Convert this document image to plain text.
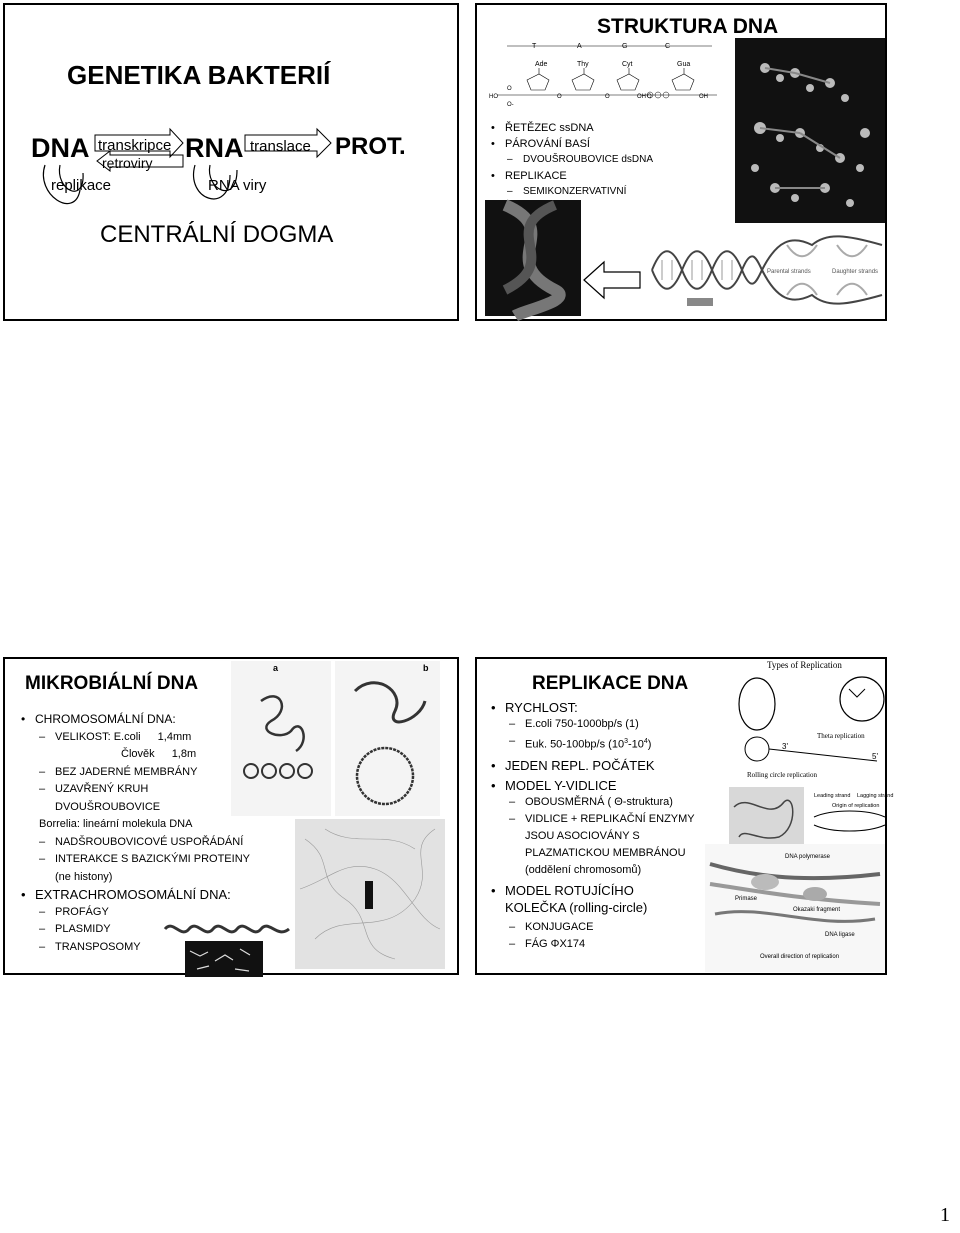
GENETIKA BAKTERIÍ
DNA transkripce
retroviry RNA translace PROT.
replikace	RNA viry
CENTRÁLNÍ DOGMA
STRUKTURA DNA
T	A	G	C
Ade	Thy	Cyt	Gua
HO
O
O-
O	O	O
OH	OH
• ŘETĚZEC ssDNA
• PÁROVÁNÍ BASÍ
– DVOUŠROUBOVICE dsDNA
• REPLIKACE
– SEMIKONZERVATIVNÍ
Parental strands	Daughter strands
MIKROBIÁLNÍ DNA
• CHROMOSOMÁLNÍ DNA:
– VELIKOST: E.coli 1,4mm
Člověk 1,8m
– BEZ JADERNÉ MEMBRÁNY
– UZAVŘENÝ KRUH
DVOUŠROUBOVICE
Borrelia: lineární molekula DNA
– NADŠROUBOVICOVÉ USPOŘÁDÁNÍ
– INTERAKCE S BAZICKÝMI PROTEINY
(ne histony)
• EXTRACHROMOSOMÁLNÍ DNA:
– PROFÁGY
– PLASMIDY
– TRANSPOSOMY
a	b
REPLIKACE DNA
• RYCHLOST:
– E.coli 750-1000bp/s (1)
– Euk. 50-100bp/s $(10^3-10^4)$
• JEDEN REPL. POČÁTEK
• MODEL Y-VIDLICE
– OBOUSMĚRNÁ ( Θ-struktura)
– VIDLICE + REPLIKAČNÍ ENZYMY
JSOU ASOCIOVÁNY S
PLAZMATICKOU MEMBRÁNOU
(oddělení chromosomů)
• MODEL ROTUJÍCÍHO
KOLEČKA (rolling-circle)
– KONJUGACE
– FÁG ΦX174
Types of Replication
Theta replication
Rolling circle replication
3'
5'
DNA polymerase
Primase
Okazaki fragment
DNA ligase
Overall direction of replication
Leading strand
Origin of replication
Lagging strand
1
